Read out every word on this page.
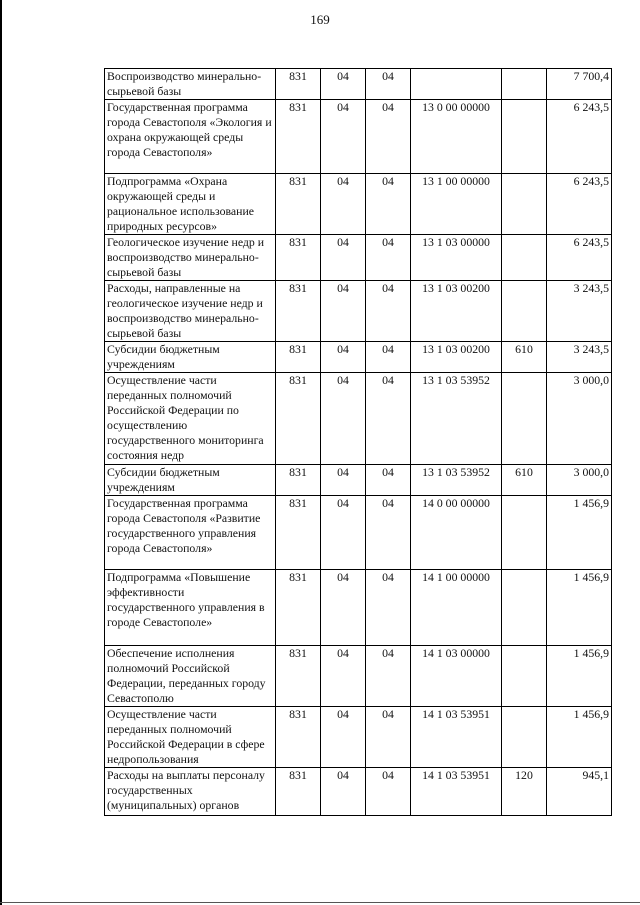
169
Воспроизводство минерально-сырьевой базы	831	04	04			7 700,4
Государственная программа города Севастополя «Экология и охрана окружающей среды города Севастополя»	831	04	04	13 0 00 00000		6 243,5
Подпрограмма «Охрана окружающей среды и рациональное использование природных ресурсов»	831	04	04	13 1 00 00000		6 243,5
Геологическое изучение недр и воспроизводство минерально-сырьевой базы	831	04	04	13 1 03 00000		6 243,5
Расходы, направленные на геологическое изучение недр и воспроизводство минерально-сырьевой базы	831	04	04	13 1 03 00200		3 243,5
Субсидии бюджетным учреждениям	831	04	04	13 1 03 00200	610	3 243,5
Осуществление части переданных полномочий Российской Федерации по осуществлению государственного мониторинга состояния недр	831	04	04	13 1 03 53952		3 000,0
Субсидии бюджетным учреждениям	831	04	04	13 1 03 53952	610	3 000,0
Государственная программа города Севастополя «Развитие государственного управления города Севастополя»	831	04	04	14 0 00 00000		1 456,9
Подпрограмма «Повышение эффективности государственного управления в городе Севастополе»	831	04	04	14 1 00 00000		1 456,9
Обеспечение исполнения полномочий Российской Федерации, переданных городу Севастополю	831	04	04	14 1 03 00000		1 456,9
Осуществление части переданных полномочий Российской Федерации в сфере недропользования	831	04	04	14 1 03 53951		1 456,9
Расходы на выплаты персоналу государственных (муниципальных) органов	831	04	04	14 1 03 53951	120	945,1
